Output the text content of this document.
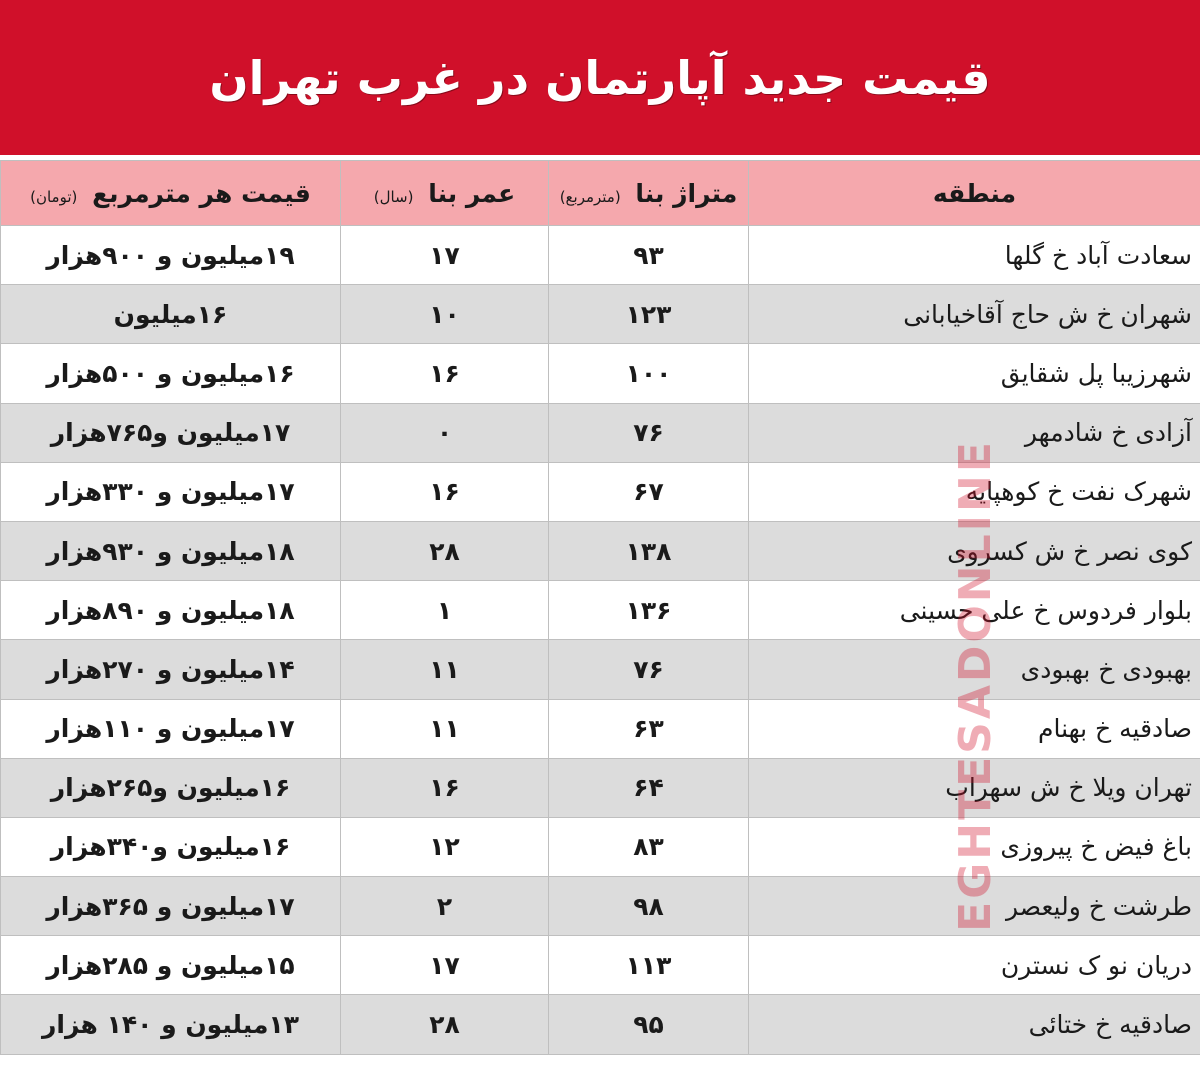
قیمت جدید آپارتمان در غرب تهران
منطقه	متراژ بنا (مترمربع)	عمر بنا (سال)	قیمت هر مترمربع (تومان)
سعادت آباد خ گلها	۹۳	۱۷	۱۹میلیون و ۹۰۰هزار
شهران خ ش حاج آقاخیابانی	۱۲۳	۱۰	۱۶میلیون
شهرزیبا پل شقایق	۱۰۰	۱۶	۱۶میلیون و ۵۰۰هزار
آزادی خ شادمهر	۷۶	۰	۱۷میلیون و۷۶۵هزار
شهرک نفت خ کوهپایه	۶۷	۱۶	۱۷میلیون و ۳۳۰هزار
کوی نصر خ ش کسروی	۱۳۸	۲۸	۱۸میلیون و ۹۳۰هزار
بلوار فردوس خ علی حسینی	۱۳۶	۱	۱۸میلیون و ۸۹۰هزار
بهبودی خ بهبودی	۷۶	۱۱	۱۴میلیون و ۲۷۰هزار
صادقیه خ بهنام	۶۳	۱۱	۱۷میلیون و ۱۱۰هزار
تهران ویلا خ ش سهراب	۶۴	۱۶	۱۶میلیون و۲۶۵هزار
باغ فیض خ پیروزی	۸۳	۱۲	۱۶میلیون و۳۴۰هزار
طرشت خ ولیعصر	۹۸	۲	۱۷میلیون و ۳۶۵هزار
دریان نو ک نسترن	۱۱۳	۱۷	۱۵میلیون و ۲۸۵هزار
صادقیه خ ختائی	۹۵	۲۸	۱۳میلیون و ۱۴۰ هزار
EGHTESADONLINE
